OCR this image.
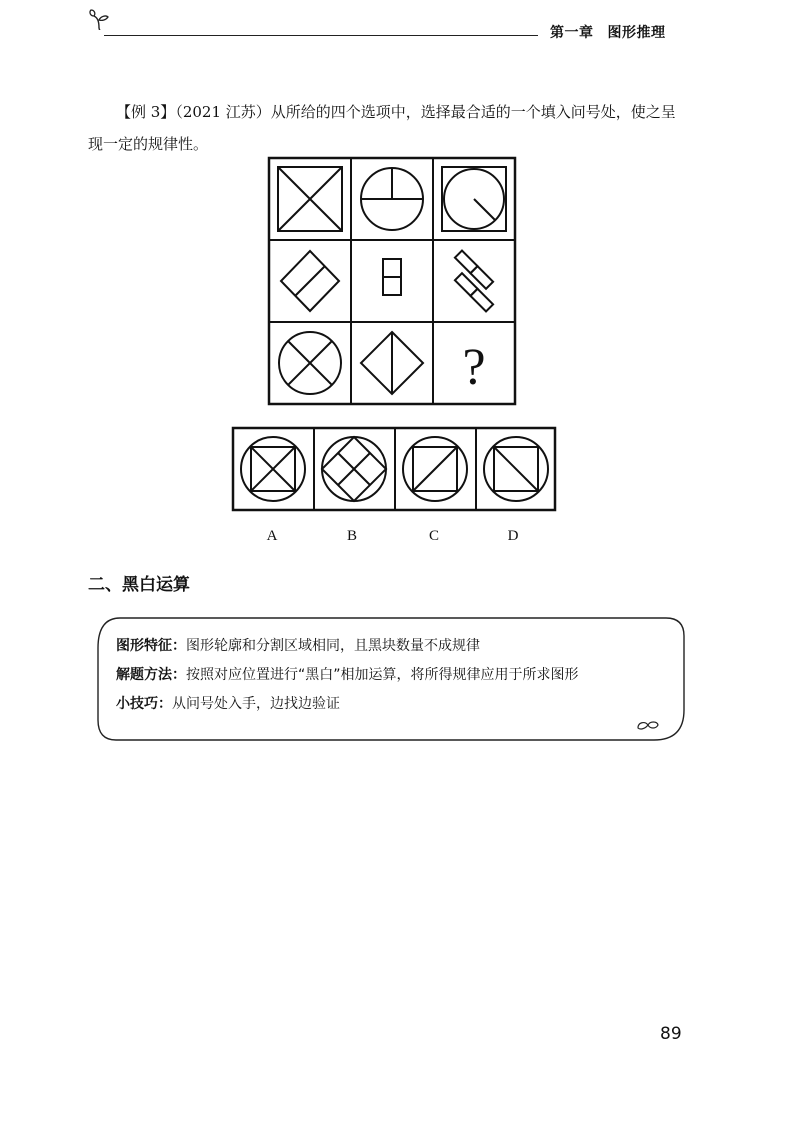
第一章 图形推理
【例 3】（2021 江苏）从所给的四个选项中，选择最合适的一个填入问号处，使之呈现一定的规律性。
?
A	B	C	D
二、黑白运算
图形特征：图形轮廓和分割区域相同，且黑块数量不成规律
解题方法：按照对应位置进行“黑白”相加运算，将所得规律应用于所求图形
小技巧：从问号处入手，边找边验证
89
